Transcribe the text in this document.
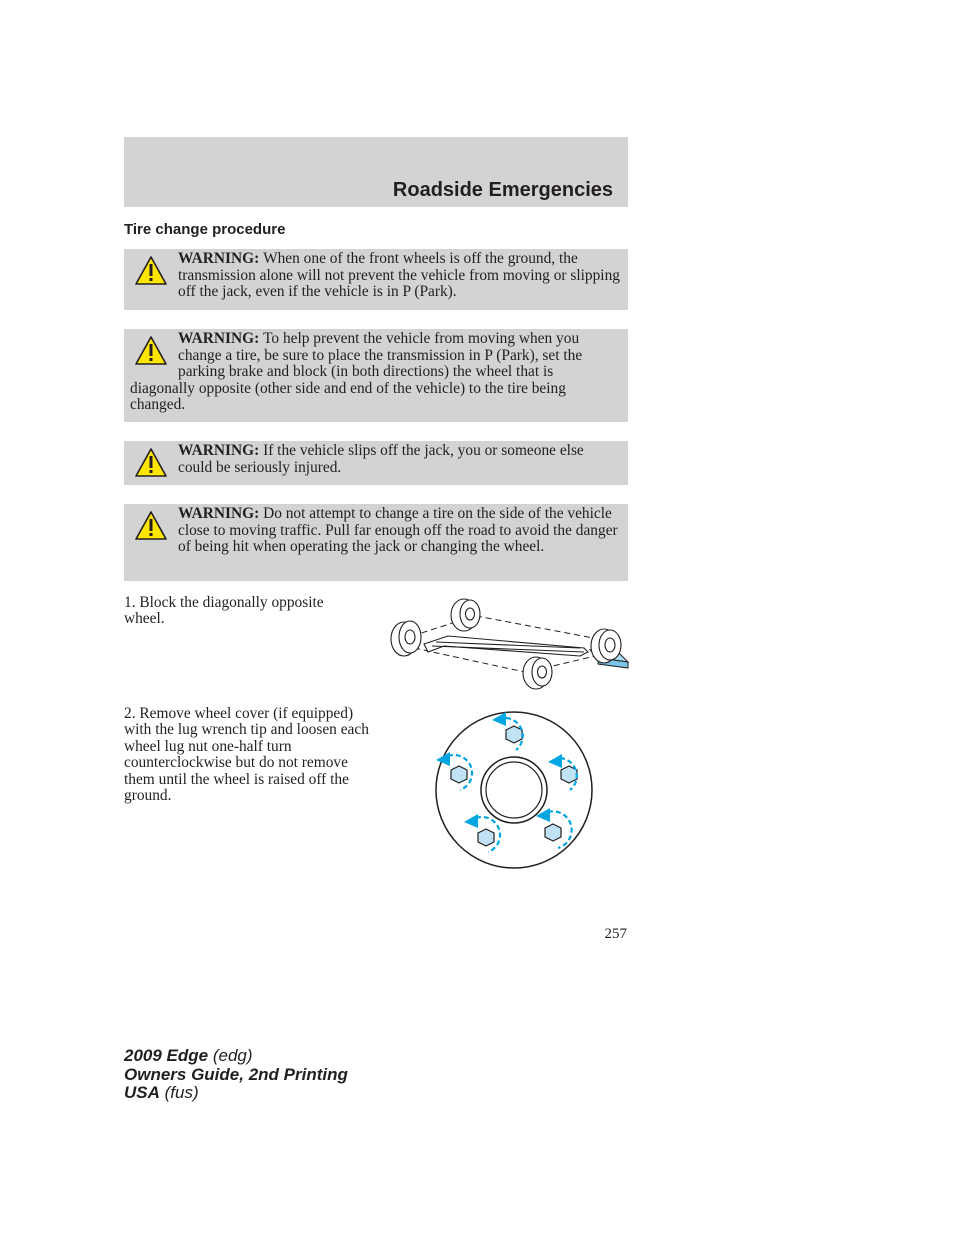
Roadside Emergencies
Tire change procedure
WARNING: When one of the front wheels is off the ground, the transmission alone will not prevent the vehicle from moving or slipping off the jack, even if the vehicle is in P (Park).
WARNING: To help prevent the vehicle from moving when you change a tire, be sure to place the transmission in P (Park), set the parking brake and block (in both directions) the wheel that is diagonally opposite (other side and end of the vehicle) to the tire being changed.
WARNING: If the vehicle slips off the jack, you or someone else could be seriously injured.
WARNING: Do not attempt to change a tire on the side of the vehicle close to moving traffic. Pull far enough off the road to avoid the danger of being hit when operating the jack or changing the wheel.
1. Block the diagonally opposite wheel.
2. Remove wheel cover (if equipped) with the lug wrench tip and loosen each wheel lug nut one-half turn counterclockwise but do not remove them until the wheel is raised off the ground.
257
2009 Edge (edg)
Owners Guide, 2nd Printing
USA (fus)
